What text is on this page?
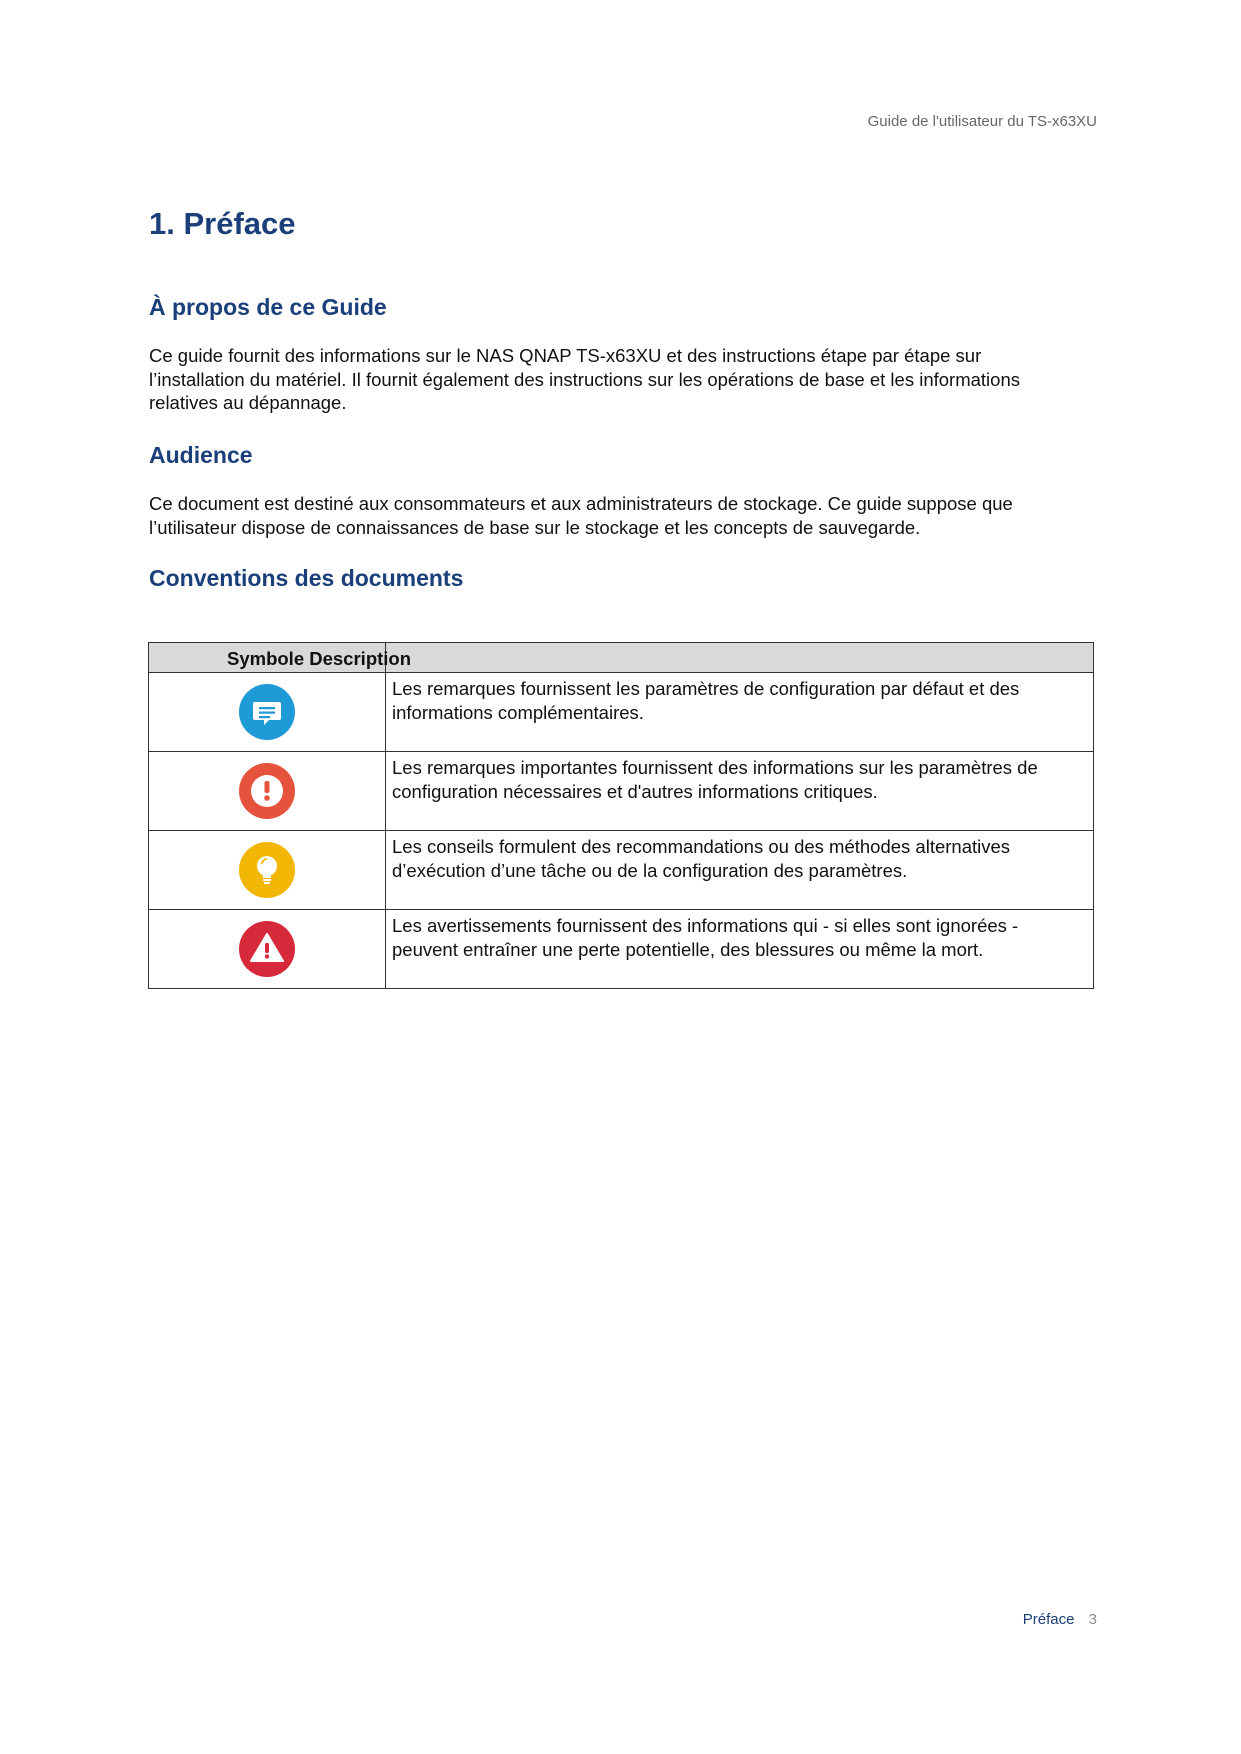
Guide de l'utilisateur du TS-x63XU
1. Préface
À propos de ce Guide

Ce guide fournit des informations sur le NAS QNAP TS-x63XU et des instructions étape par étape sur
l’installation du matériel. Il fournit également des instructions sur les opérations de base et les informations
relatives au dépannage.

Audience

Ce document est destiné aux consommateurs et aux administrateurs de stockage. Ce guide suppose que
l’utilisateur dispose de connaissances de base sur le stockage et les concepts de sauvegarde.

Conventions des documents
Symbole Description	

	Les remarques fournissent les paramètres de configuration par défaut et des
informations complémentaires.

	Les remarques importantes fournissent des informations sur les paramètres de
configuration nécessaires et d'autres informations critiques.

	Les conseils formulent des recommandations ou des méthodes alternatives
d’exécution d’une tâche ou de la configuration des paramètres.

	Les avertissements fournissent des informations qui - si elles sont ignorées -
peuvent entraîner une perte potentielle, des blessures ou même la mort.
Préface 3
